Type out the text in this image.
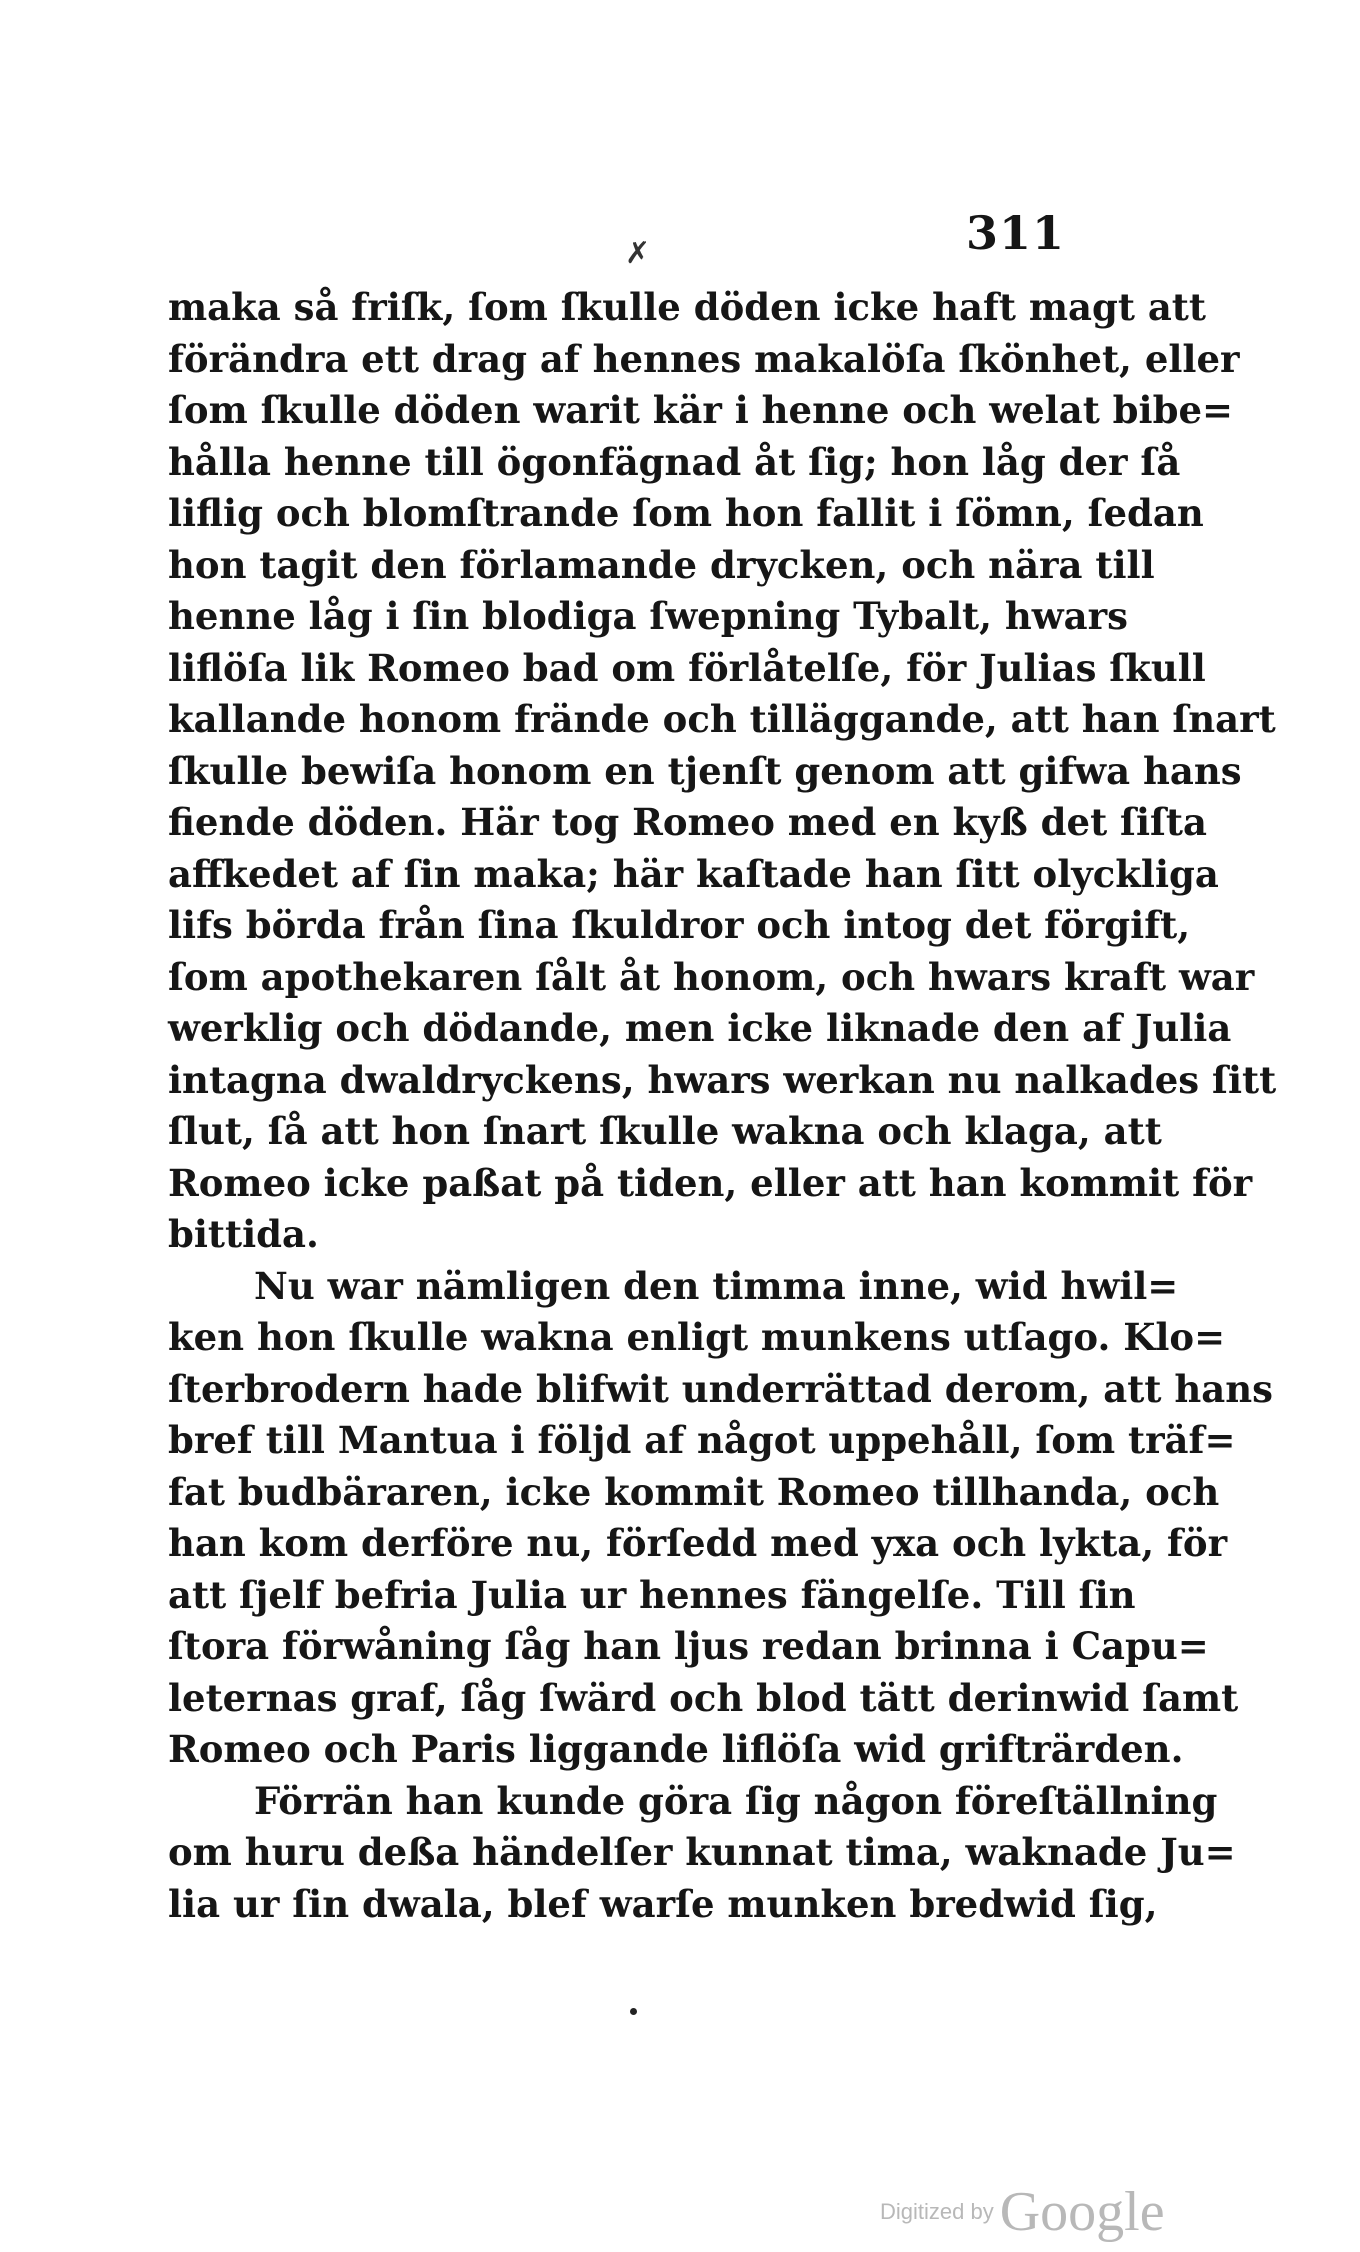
311
✗
maka så friſk, ſom ſkulle döden icke haft magt att
förändra ett drag af hennes makalöſa ſkönhet, eller
ſom ſkulle döden warit kär i henne och welat bibe=
hålla henne till ögonfägnad åt ſig; hon låg der ſå
liflig och blomſtrande ſom hon fallit i ſömn, ſedan
hon tagit den förlamande drycken, och nära till
henne låg i ſin blodiga ſwepning Tybalt, hwars
liflöſa lik Romeo bad om förlåtelſe, för Julias ſkull
kallande honom frände och tilläggande, att han ſnart
ſkulle bewiſa honom en tjenſt genom att gifwa hans
fiende döden. Här tog Romeo med en kyß det ſiſta
affkedet af ſin maka; här kaſtade han ſitt olyckliga
lifs börda från ſina ſkuldror och intog det förgift,
ſom apothekaren ſålt åt honom, och hwars kraft war
werklig och dödande, men icke liknade den af Julia
intagna dwaldryckens, hwars werkan nu nalkades ſitt
ſlut, ſå att hon ſnart ſkulle wakna och klaga, att
Romeo icke paßat på tiden, eller att han kommit för
bittida.
Nu war nämligen den timma inne, wid hwil=
ken hon ſkulle wakna enligt munkens utſago. Klo=
ſterbrodern hade blifwit underrättad derom, att hans
bref till Mantua i följd af något uppehåll, ſom träf=
fat budbäraren, icke kommit Romeo tillhanda, och
han kom derföre nu, förſedd med yxa och lykta, för
att ſjelf befria Julia ur hennes fängelſe. Till ſin
ſtora förwåning ſåg han ljus redan brinna i Capu=
leternas graf, ſåg ſwärd och blod tätt derinwid ſamt
Romeo och Paris liggande liflöſa wid grifträrden.
Förrän han kunde göra ſig någon föreſtällning
om huru deßa händelſer kunnat tima, waknade Ju=
lia ur ſin dwala, blef warſe munken bredwid ſig,
Digitized by Google
